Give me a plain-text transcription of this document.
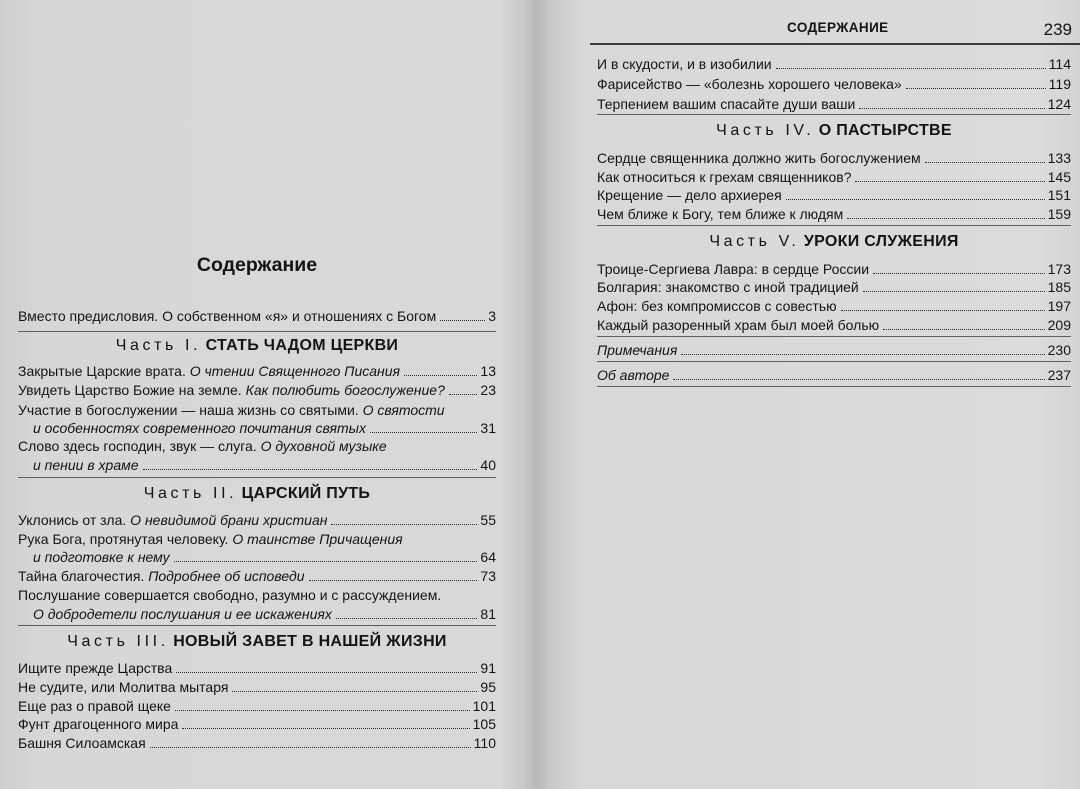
Содержание
Вместо предисловия. О собственном «я» и отношениях с Богом	3
Часть I. СТАТЬ ЧАДОМ ЦЕРКВИ
Закрытые Царские врата. О чтении Священного Писания	13
Увидеть Царство Божие на земле. Как полюбить богослужение?	23
Участие в богослужении — наша жизнь со святыми. О святости
и особенностях современного почитания святых	31
Слово здесь господин, звук — слуга. О духовной музыке
и пении в храме	40
Часть II. ЦАРСКИЙ ПУТЬ
Уклонись от зла. О невидимой брани христиан	55
Рука Бога, протянутая человеку. О таинстве Причащения
и подготовке к нему	64
Тайна благочестия. Подробнее об исповеди	73
Послушание совершается свободно, разумно и с рассуждением.
О добродетели послушания и ее искажениях	81
Часть III. НОВЫЙ ЗАВЕТ В НАШЕЙ ЖИЗНИ
Ищите прежде Царства	91
Не судите, или Молитва мытаря	95
Еще раз о правой щеке	101
Фунт драгоценного мира	105
Башня Силоамская	110
СОДЕРЖАНИЕ	239
И в скудости, и в изобилии	114
Фарисейство — «болезнь хорошего человека»	119
Терпением вашим спасайте души ваши	124
Часть IV. О ПАСТЫРСТВЕ
Сердце священника должно жить богослужением	133
Как относиться к грехам священников?	145
Крещение — дело архиерея	151
Чем ближе к Богу, тем ближе к людям	159
Часть V. УРОКИ СЛУЖЕНИЯ
Троице-Сергиева Лавра: в сердце России	173
Болгария: знакомство с иной традицией	185
Афон: без компромиссов с совестью	197
Каждый разоренный храм был моей болью	209
Примечания	230
Об авторе	237
